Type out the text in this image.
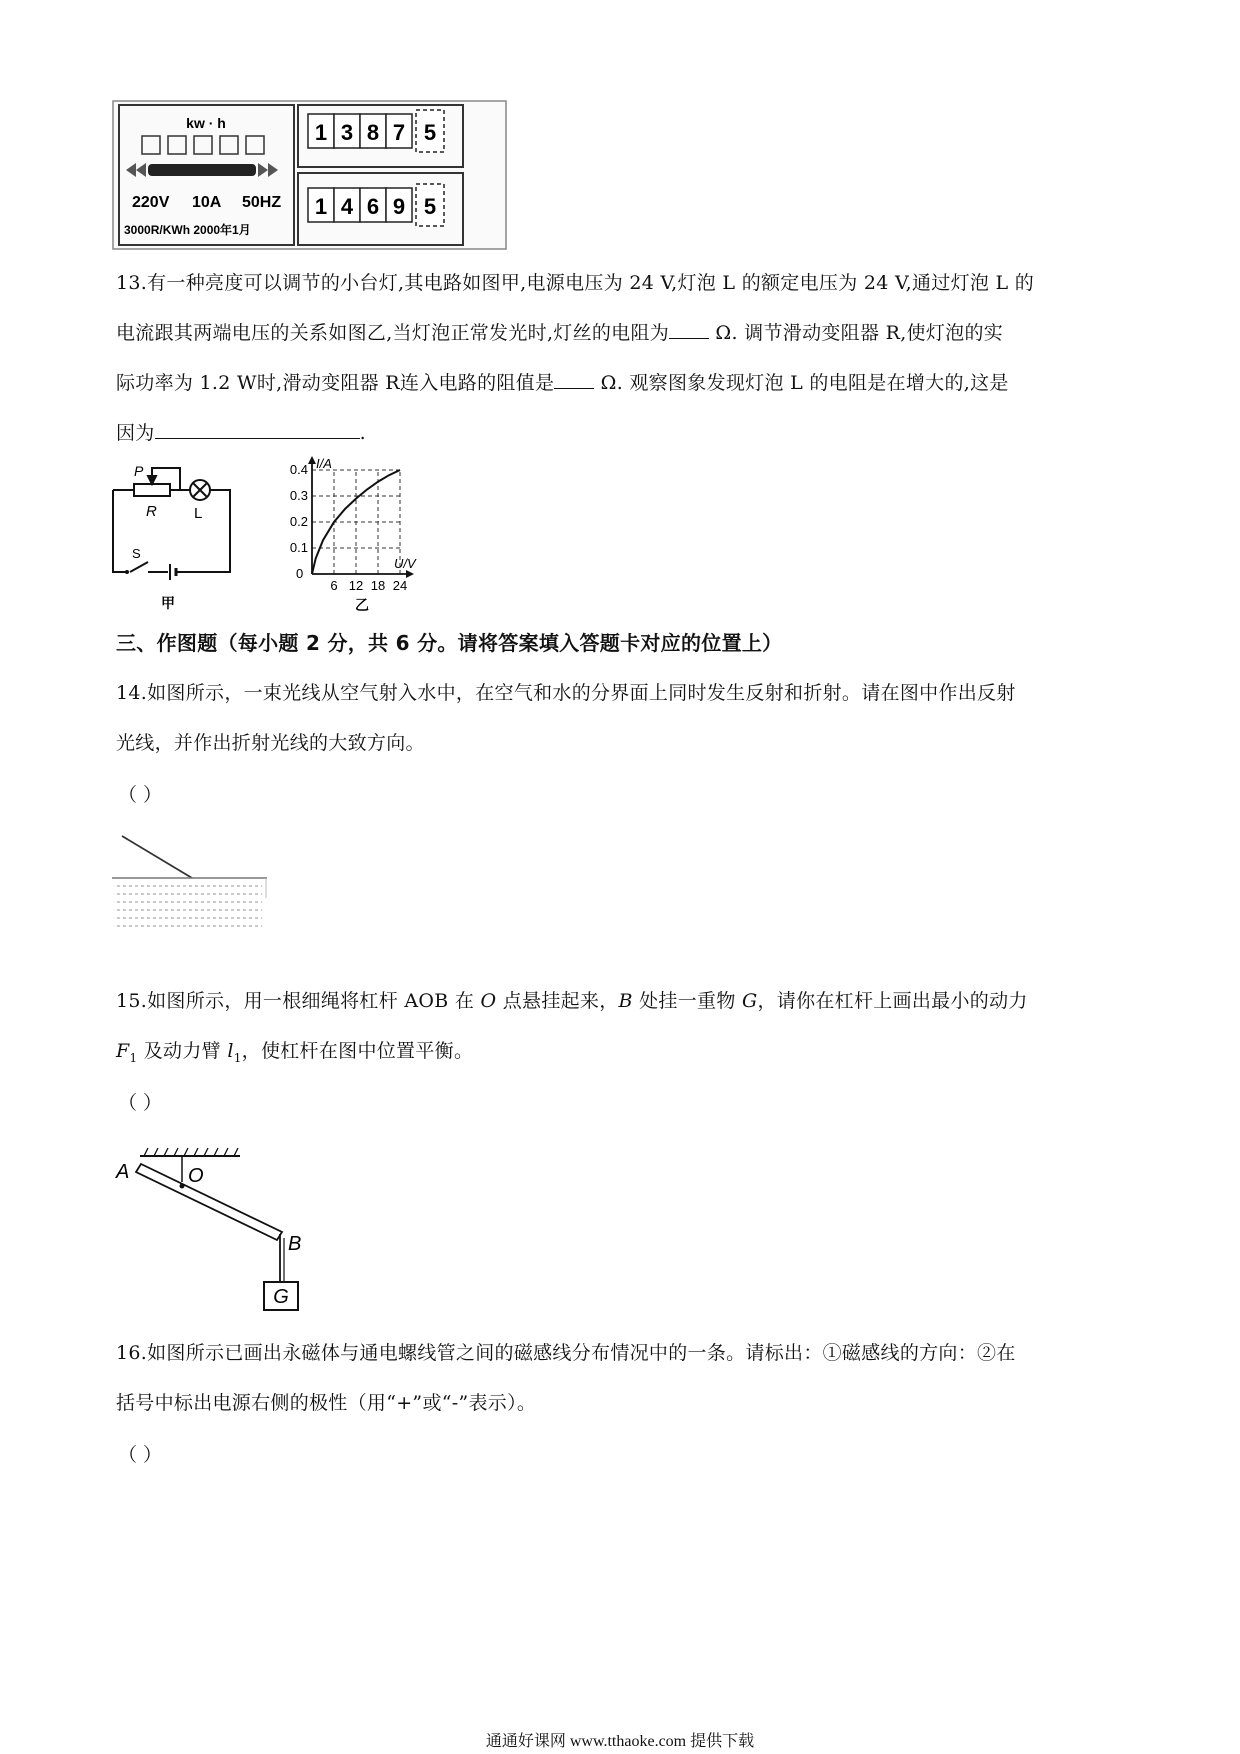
kw · h
220V 10A 50HZ
3000R/KWh 2000年1月
1 3 8 7 5
1 4 6 9 5
13.有一种亮度可以调节的小台灯,其电路如图甲,电源电压为 24 V,灯泡 L 的额定电压为 24 V,通过灯泡 L 的
电流跟其两端电压的关系如图乙,当灯泡正常发光时,灯丝的电阻为 Ω. 调节滑动变阻器 R,使灯泡的实
际功率为 1.2 W时,滑动变阻器 R连入电路的阻值是 Ω. 观察图象发现灯泡 L 的电阻是在增大的,这是
因为	.
P
R L
S
甲
6 12 18 24
0.1
0.2
0.3
0.4 I/A
U/V
0
乙
三、作图题（每小题 2 分，共 6 分。请将答案填入答题卡对应的位置上）
14.如图所示，一束光线从空气射入水中，在空气和水的分界面上同时发生反射和折射。请在图中作出反射
光线，并作出折射光线的大致方向。
（ ）
15.如图所示，用一根细绳将杠杆 AOB 在 O 点悬挂起来，B 处挂一重物 G，请你在杠杆上画出最小的动力
$F_1$ 及动力臂 $l_1$，使杠杆在图中位置平衡。
（ ）
A	O
B
G
16.如图所示已画出永磁体与通电螺线管之间的磁感线分布情况中的一条。请标出：①磁感线的方向：②在
括号中标出电源右侧的极性（用“+”或“-”表示）。
（ ）
通通好课网 www.tthaoke.com 提供下载
